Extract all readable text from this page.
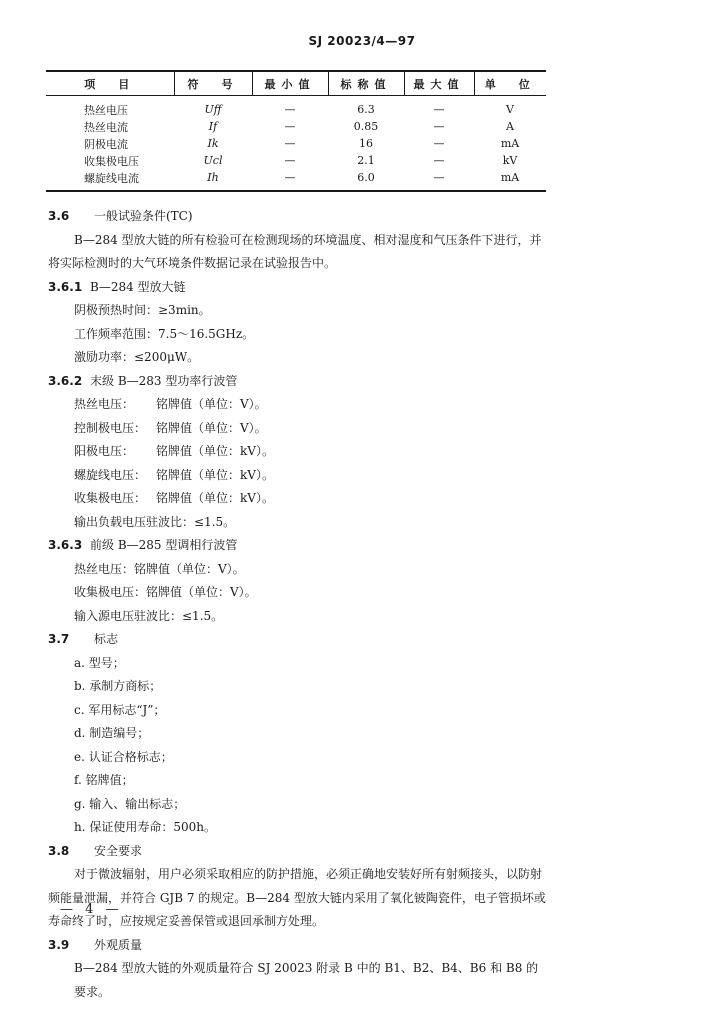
SJ 20023/4—97
项　目	符　号	最小值	标称值	最大值	单　位
热丝电压	Uff	—	6.3	—	V
热丝电流	If	—	0.85	—	A
阴极电流	Ik	—	16	—	mA
收集极电压	Ucl	—	2.1	—	kV
螺旋线电流	Ih	—	6.0	—	mA
3.6 一般试验条件(TC)
B—284 型放大链的所有检验可在检测现场的环境温度、相对湿度和气压条件下进行，并
将实际检测时的大气环境条件数据记录在试验报告中。
3.6.1 B—284 型放大链
阴极预热时间：≥3min。
工作频率范围：7.5～16.5GHz。
激励功率：≤200μW。
3.6.2 末级 B—283 型功率行波管
热丝电压： 铭牌值（单位：V）。
控制极电压： 铭牌值（单位：V）。
阳极电压： 铭牌值（单位：kV）。
螺旋线电压： 铭牌值（单位：kV）。
收集极电压： 铭牌值（单位：kV）。
输出负载电压驻波比：≤1.5。
3.6.3 前级 B—285 型调相行波管
热丝电压：铭牌值（单位：V）。
收集极电压：铭牌值（单位：V）。
输入源电压驻波比：≤1.5。
3.7 标志
a. 型号；
b. 承制方商标；
c. 军用标志“J”；
d. 制造编号；
e. 认证合格标志；
f. 铭牌值；
g. 输入、输出标志；
h. 保证使用寿命：500h。
3.8 安全要求
对于微波辐射，用户必须采取相应的防护措施，必须正确地安装好所有射频接头，以防射
频能量泄漏，并符合 GJB 7 的规定。B—284 型放大链内采用了氧化铍陶瓷件，电子管损坏或
寿命终了时，应按规定妥善保管或退回承制方处理。
3.9 外观质量
B—284 型放大链的外观质量符合 SJ 20023 附录 B 中的 B1、B2、B4、B6 和 B8 的要求。
— 4 —
